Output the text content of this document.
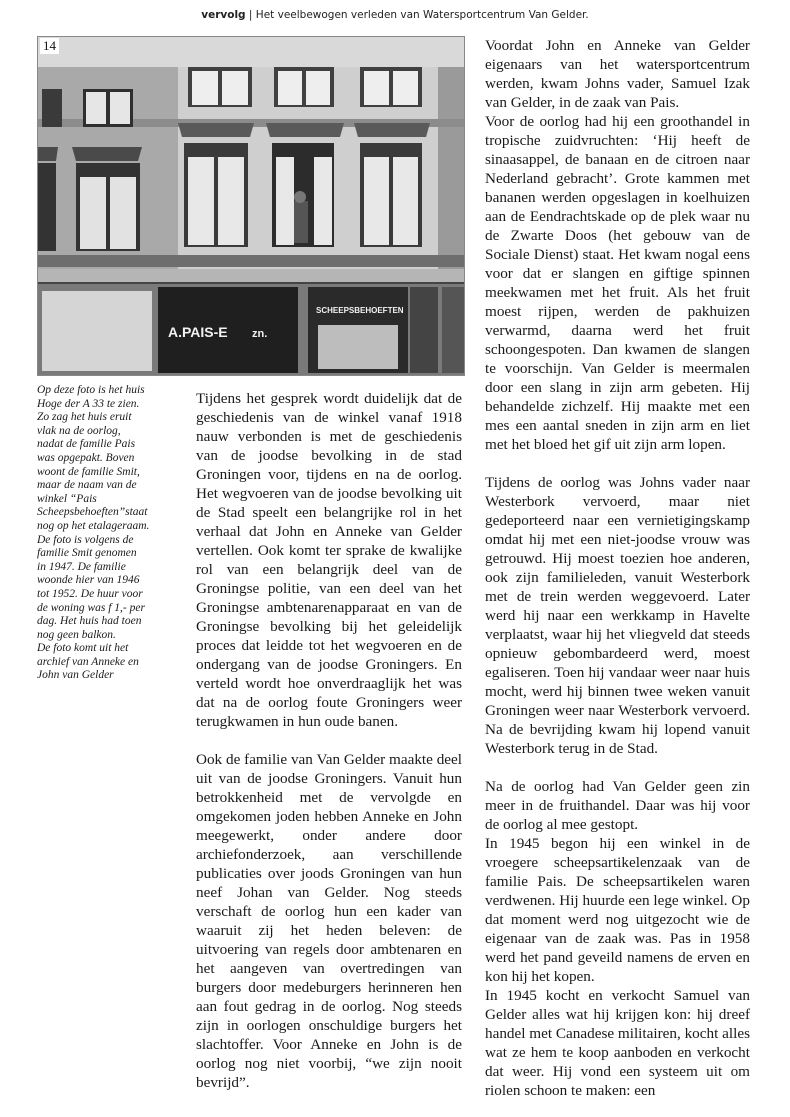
vervolg | Het veelbewogen verleden van Watersportcentrum Van Gelder.
14
A.PAIS-E zn.
SCHEEPSBEHOEFTEN
Op deze foto is het huis
Hoge der A 33 te zien.
Zo zag het huis eruit
vlak na de oorlog,
nadat de familie Pais
was opgepakt. Boven
woont de familie Smit,
maar de naam van de
winkel “Pais
Scheepsbehoeften”staat
nog op het etalageraam.
De foto is volgens de
familie Smit genomen
in 1947. De familie
woonde hier van 1946
tot 1952. De huur voor
de woning was f 1,- per
dag. Het huis had toen
nog geen balkon.
De foto komt uit het
archief van Anneke en
John van Gelder

Tijdens het gesprek wordt duidelijk dat de geschiedenis van de winkel vanaf 1918 nauw verbonden is met de geschiedenis van de joodse bevolking in de stad Groningen voor, tijdens en na de oorlog. Het wegvoeren van de joodse bevolking uit de Stad speelt een belangrijke rol in het verhaal dat John en Anneke van Gelder vertellen. Ook komt ter sprake de kwalijke rol van een belangrijk deel van de Groningse politie, van een deel van het Groningse ambtenarenapparaat en van de Groningse bevolking bij het geleidelijk proces dat leidde tot het wegvoeren en de ondergang van de joodse Groningers. En verteld wordt hoe onverdraaglijk het was dat na de oorlog foute Groningers weer terugkwamen in hun oude banen.

Ook de familie van Van Gelder maakte deel uit van de joodse Groningers. Vanuit hun betrokkenheid met de vervolgde en omgekomen joden hebben Anneke en John meegewerkt, onder andere door archiefonderzoek, aan verschillende publicaties over joods Groningen van hun neef Johan van Gelder. Nog steeds verschaft de oorlog hun een kader van waaruit zij het heden beleven: de uitvoering van regels door ambtenaren en het aangeven van overtredingen van burgers door medeburgers herinneren hen aan fout gedrag in de oorlog. Nog steeds zijn in oorlogen onschuldige burgers het slachtoffer. Voor Anneke en John is de oorlog nog niet voorbij, “we zijn nooit bevrijd”.

Voordat John en Anneke van Gelder eigenaars van het watersportcentrum werden, kwam Johns vader, Samuel Izak van Gelder, in de zaak van Pais.

Voor de oorlog had hij een groothandel in tropische zuidvruchten: ‘Hij heeft de sinaasappel, de banaan en de citroen naar Nederland gebracht’. Grote kammen met bananen werden opgeslagen in koelhuizen aan de Eendrachtskade op de plek waar nu de Zwarte Doos (het gebouw van de Sociale Dienst) staat. Het kwam nogal eens voor dat er slangen en giftige spinnen meekwamen met het fruit. Als het fruit moest rijpen, werden de pakhuizen verwarmd, daarna werd het fruit schoongespoten. Dan kwamen de slangen te voorschijn. Van Gelder is meermalen door een slang in zijn arm gebeten. Hij behandelde zichzelf. Hij maakte met een mes een aantal sneden in zijn arm en liet met het bloed het gif uit zijn arm lopen.

Tijdens de oorlog was Johns vader naar Westerbork vervoerd, maar niet gedeporteerd naar een vernietigingskamp omdat hij met een niet-joodse vrouw was getrouwd. Hij moest toezien hoe anderen, ook zijn familieleden, vanuit Westerbork met de trein werden weggevoerd. Later werd hij naar een werkkamp in Havelte verplaatst, waar hij het vliegveld dat steeds opnieuw gebombardeerd werd, moest egaliseren. Toen hij vandaar weer naar huis mocht, werd hij binnen twee weken vanuit Groningen weer naar Westerbork vervoerd. Na de bevrijding kwam hij lopend vanuit Westerbork terug in de Stad.

Na de oorlog had Van Gelder geen zin meer in de fruithandel. Daar was hij voor de oorlog al mee gestopt.

In 1945 begon hij een winkel in de vroegere scheepsartikelenzaak van de familie Pais. De scheepsartikelen waren verdwenen. Hij huurde een lege winkel. Op dat moment werd nog uitgezocht wie de eigenaar van de zaak was. Pas in 1958 werd het pand geveild namens de erven en kon hij het kopen.

In 1945 kocht en verkocht Samuel van Gelder alles wat hij krijgen kon: hij dreef handel met Canadese militairen, kocht alles wat ze hem te koop aanboden en verkocht dat weer. Hij vond een systeem uit om riolen schoon te maken: een
